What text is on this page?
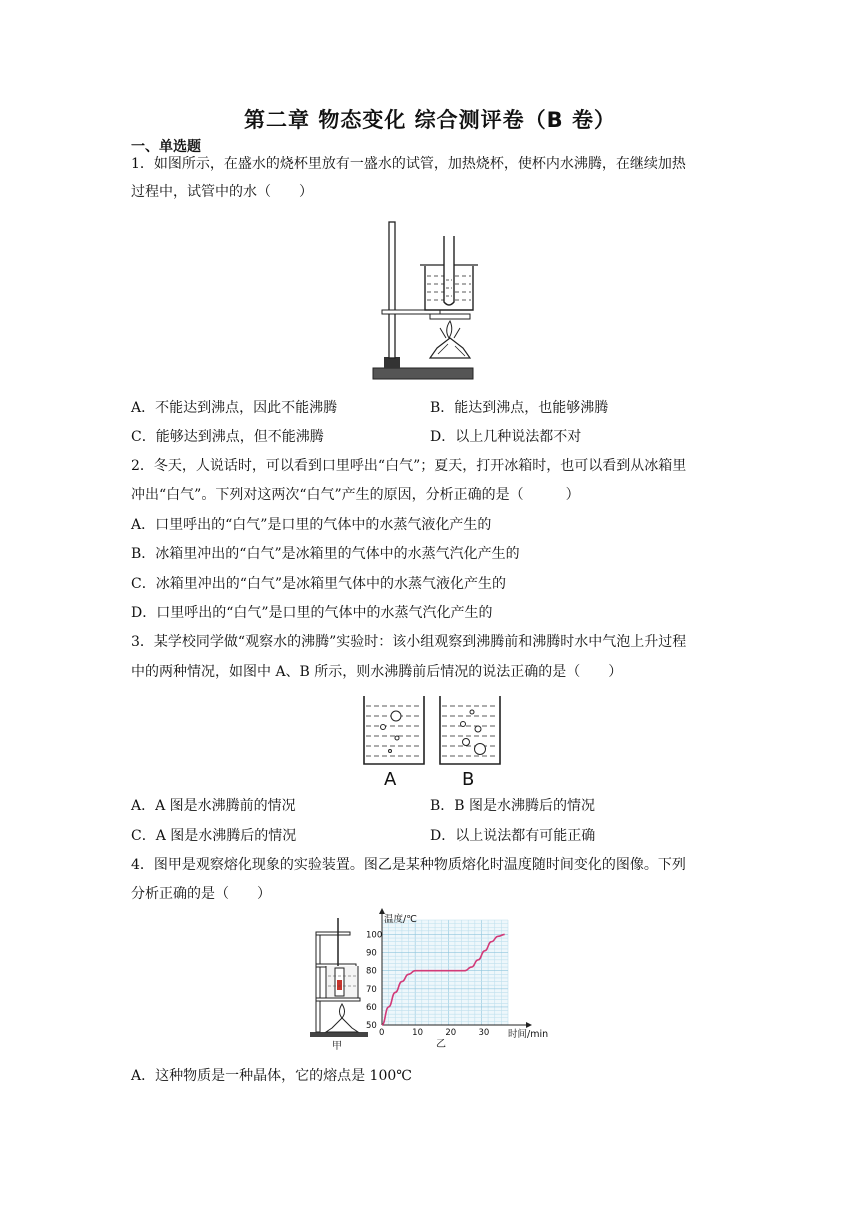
第二章 物态变化 综合测评卷（B 卷）
一、单选题
1．如图所示，在盛水的烧杯里放有一盛水的试管，加热烧杯，使杯内水沸腾，在继续加热
过程中，试管中的水（　　）
A．不能达到沸点，因此不能沸腾	B．能达到沸点，也能够沸腾
C．能够达到沸点，但不能沸腾	D．以上几种说法都不对
2．冬天，人说话时，可以看到口里呼出“白气”；夏天，打开冰箱时，也可以看到从冰箱里
冲出“白气”。下列对这两次“白气”产生的原因，分析正确的是（　　　）
A．口里呼出的“白气”是口里的气体中的水蒸气液化产生的
B．冰箱里冲出的“白气”是冰箱里的气体中的水蒸气汽化产生的
C．冰箱里冲出的“白气”是冰箱里气体中的水蒸气液化产生的
D．口里呼出的“白气”是口里的气体中的水蒸气汽化产生的
3．某学校同学做“观察水的沸腾”实验时：该小组观察到沸腾前和沸腾时水中气泡上升过程
中的两种情况，如图中 A、B 所示，则水沸腾前后情况的说法正确的是（　　）
A	B
A．A 图是水沸腾前的情况	B．B 图是水沸腾后的情况
C．A 图是水沸腾后的情况	D．以上说法都有可能正确
4．图甲是观察熔化现象的实验装置。图乙是某种物质熔化时温度随时间变化的图像。下列
分析正确的是（　　）
甲
0	10	20	30
50
60
70
80
90
100
温度/℃
时间/min
乙
A．这种物质是一种晶体，它的熔点是 100℃
